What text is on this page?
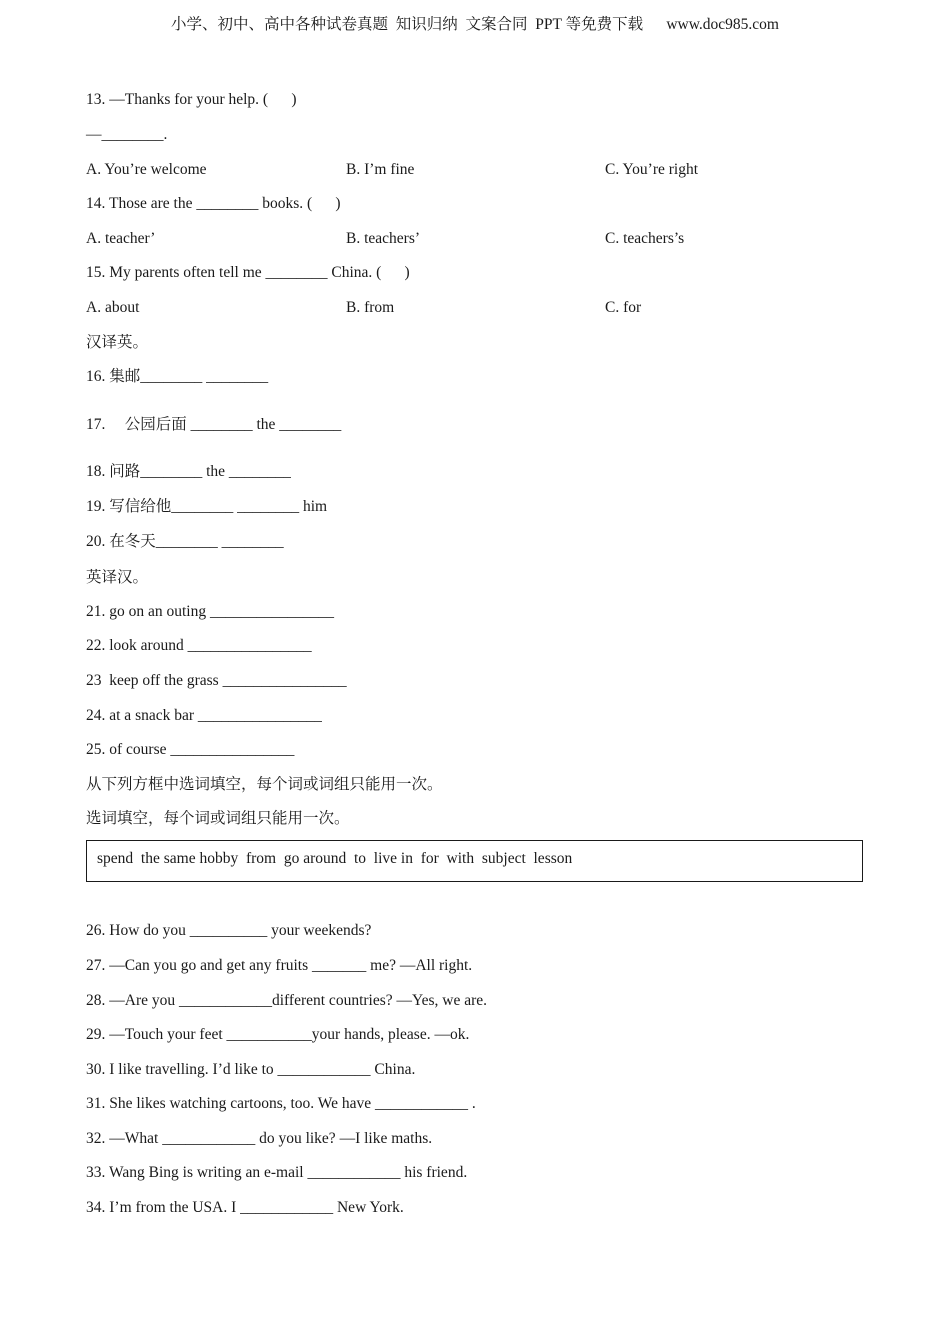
小学、初中、高中各种试卷真题  知识归纳  文案合同  PPT 等免费下载      www.doc985.com
13. —Thanks for your help. (      )
—________.
A. You’re welcome	B. I’m fine	C. You’re right
14. Those are the ________ books. (      )
A. teacher’	B. teachers’	C. teachers’s
15. My parents often tell me ________ China. (      )
A. about	B. from	C. for
汉译英。
16. 集邮________ ________
17.     公园后面 ________ the ________
18. 问路________ the ________
19. 写信给他________ ________ him
20. 在冬天________ ________
英译汉。
21. go on an outing ________________
22. look around ________________
23  keep off the grass ________________
24. at a snack bar ________________
25. of course ________________
从下列方框中选词填空，每个词或词组只能用一次。
选词填空，每个词或词组只能用一次。
spend  the same hobby  from  go around  to  live in  for  with  subject  lesson
26. How do you __________ your weekends?
27. —Can you go and get any fruits _______ me? —All right.
28. —Are you ____________different countries? —Yes, we are.
29. —Touch your feet ___________your hands, please. —ok.
30. I like travelling. I’d like to ____________ China.
31. She likes watching cartoons, too. We have ____________ .
32. —What ____________ do you like? —I like maths.
33. Wang Bing is writing an e-mail ____________ his friend.
34. I’m from the USA. I ____________ New York.
